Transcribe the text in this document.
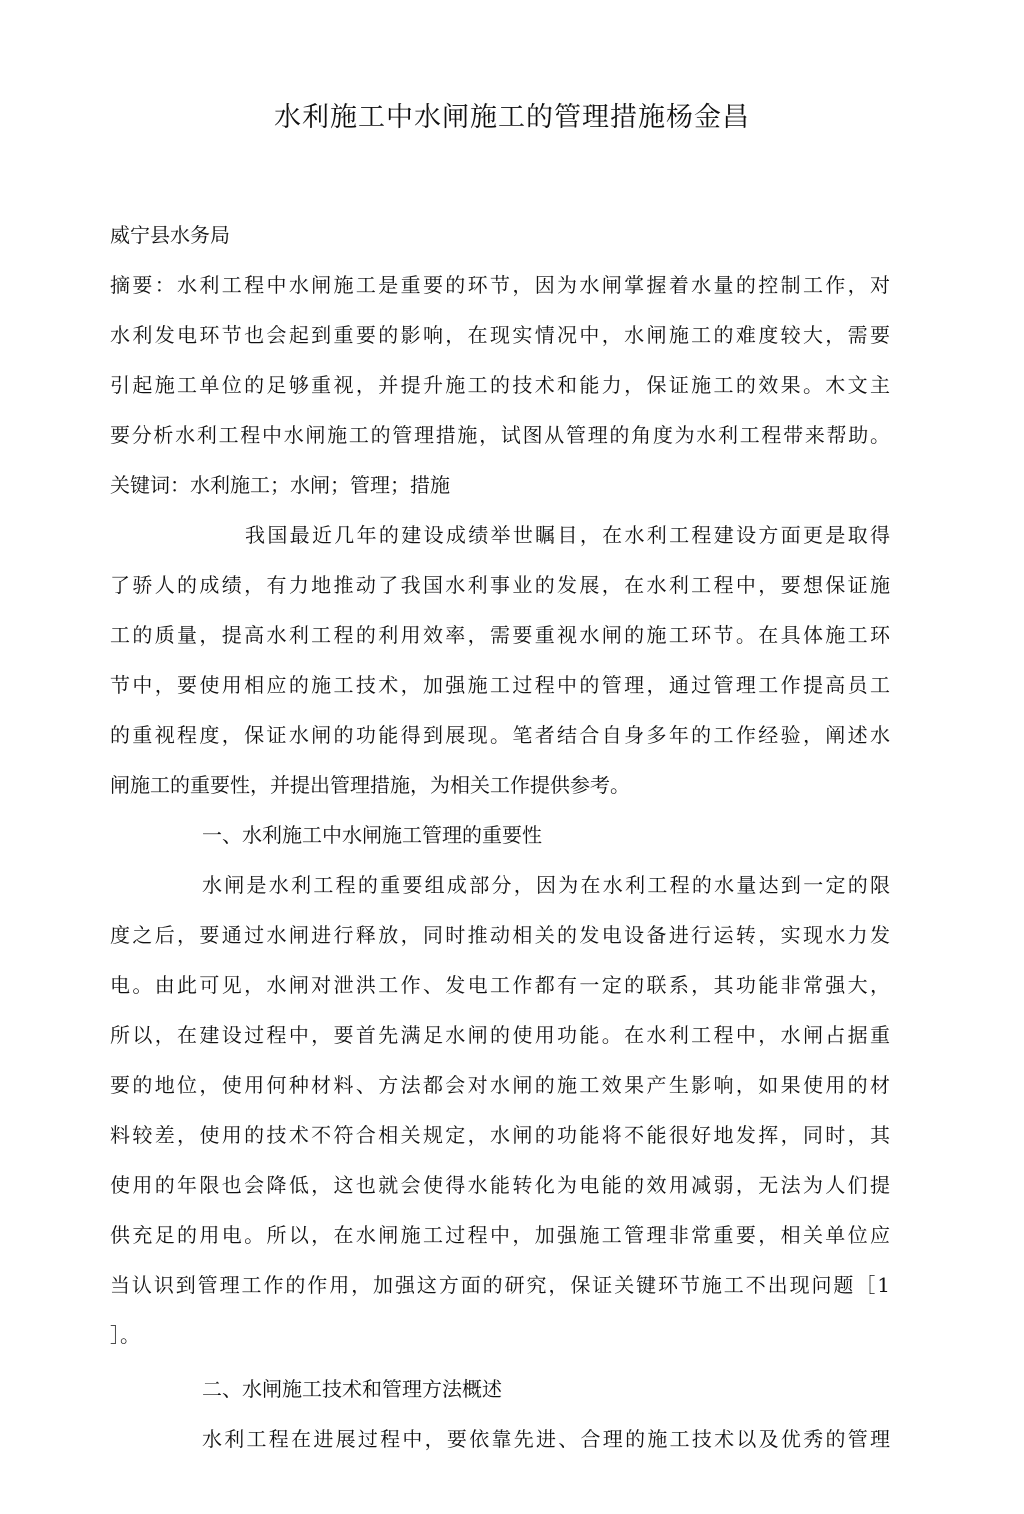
水利施工中水闸施工的管理措施杨金昌
威宁县水务局
摘要：水利工程中水闸施工是重要的环节，因为水闸掌握着水量的控制工作，对
水利发电环节也会起到重要的影响，在现实情况中，水闸施工的难度较大，需要
引起施工单位的足够重视，并提升施工的技术和能力，保证施工的效果。木文主
要分析水利工程中水闸施工的管理措施，试图从管理的角度为水利工程带来帮助。
关键词：水利施工；水闸；管理；措施
我国最近几年的建设成绩举世瞩目，在水利工程建设方面更是取得
了骄人的成绩，有力地推动了我国水利事业的发展，在水利工程中，要想保证施
工的质量，提高水利工程的利用效率，需要重视水闸的施工环节。在具体施工环
节中，要使用相应的施工技术，加强施工过程中的管理，通过管理工作提高员工
的重视程度，保证水闸的功能得到展现。笔者结合自身多年的工作经验，阐述水
闸施工的重要性，并提出管理措施，为相关工作提供参考。
一、水利施工中水闸施工管理的重要性
水闸是水利工程的重要组成部分，因为在水利工程的水量达到一定的限
度之后，要通过水闸进行释放，同时推动相关的发电设备进行运转，实现水力发
电。由此可见，水闸对泄洪工作、发电工作都有一定的联系，其功能非常强大，
所以，在建设过程中，要首先满足水闸的使用功能。在水利工程中，水闸占据重
要的地位，使用何种材料、方法都会对水闸的施工效果产生影响，如果使用的材
料较差，使用的技术不符合相关规定，水闸的功能将不能很好地发挥，同时，其
使用的年限也会降低，这也就会使得水能转化为电能的效用减弱，无法为人们提
供充足的用电。所以，在水闸施工过程中，加强施工管理非常重要，相关单位应
当认识到管理工作的作用，加强这方面的研究，保证关键环节施工不出现问题［1
］。
二、水闸施工技术和管理方法概述
水利工程在进展过程中，要依靠先进、合理的施工技术以及优秀的管理
